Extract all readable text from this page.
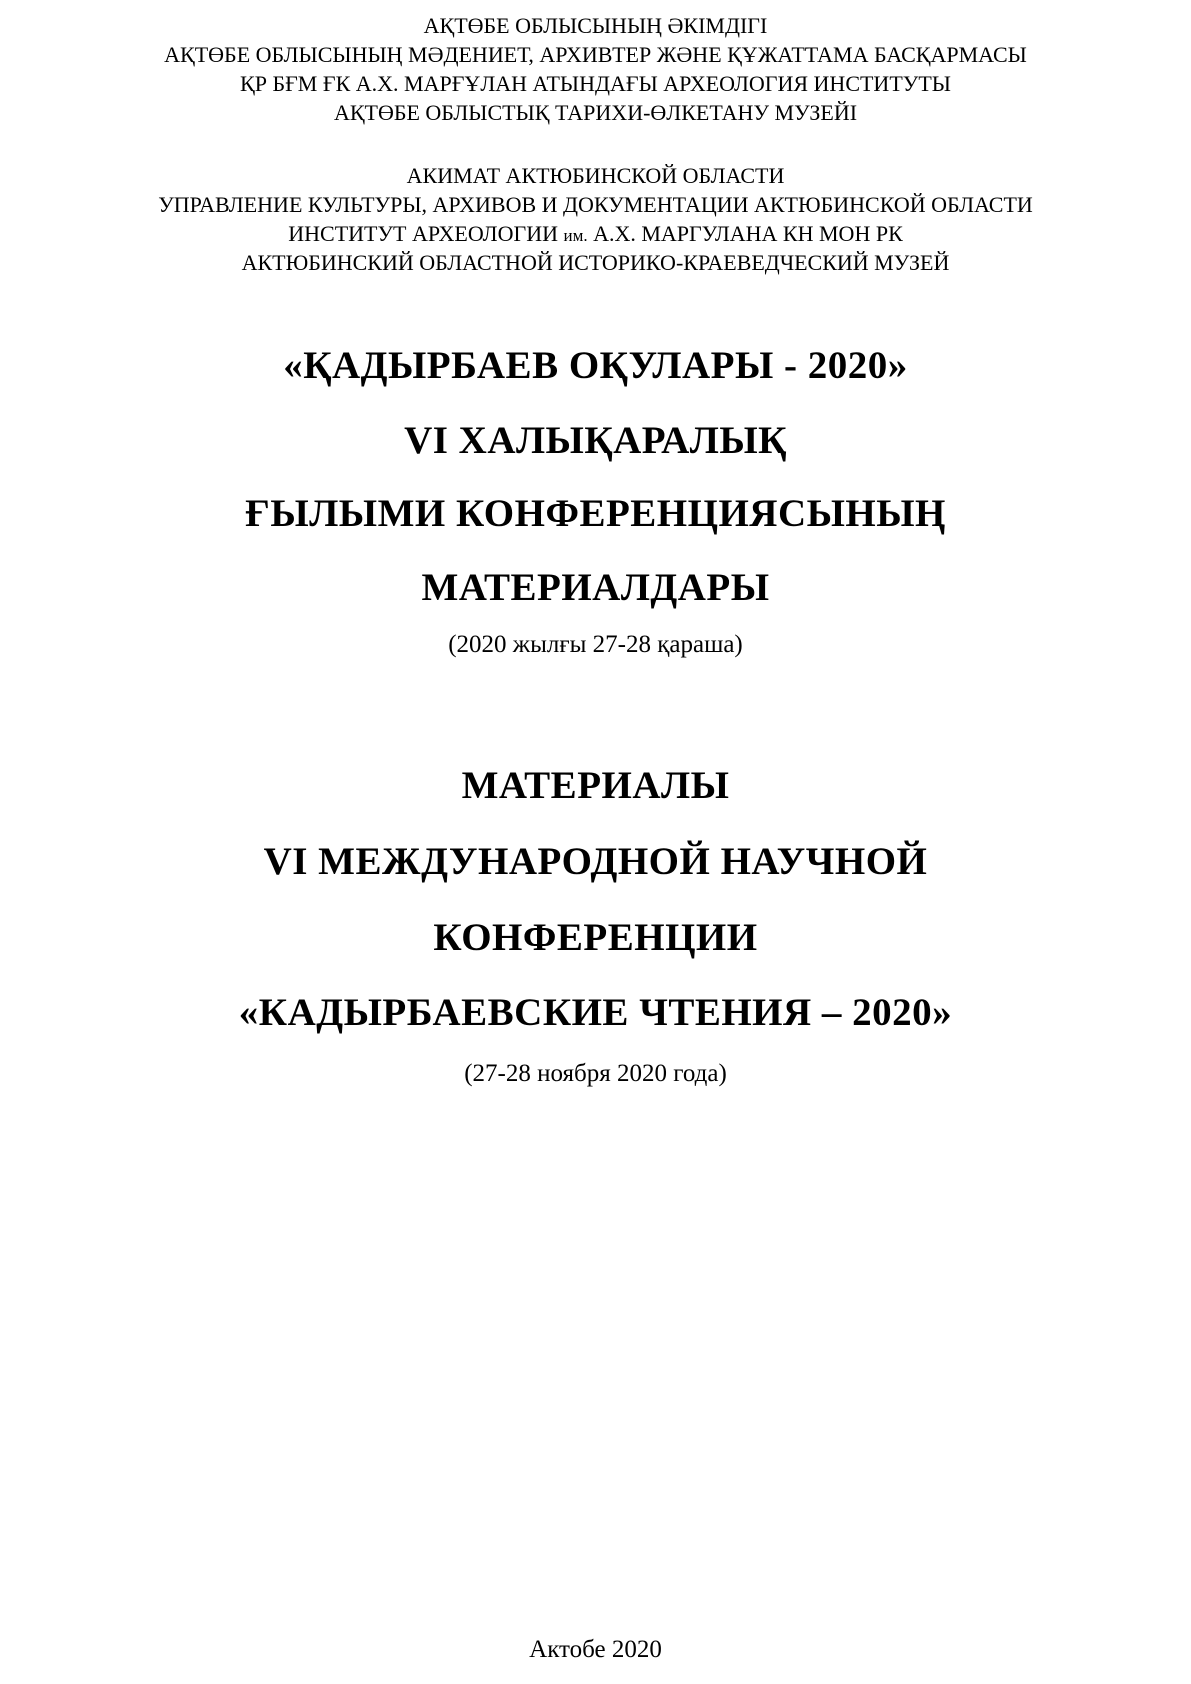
АҚТӨБЕ ОБЛЫСЫНЫҢ ӘКІМДІГІ
АҚТӨБЕ ОБЛЫСЫНЫҢ МӘДЕНИЕТ, АРХИВТЕР ЖӘНЕ ҚҰЖАТТАМА БАСҚАРМАСЫ
ҚР БҒМ ҒК А.Х. МАРҒҰЛАН АТЫНДАҒЫ АРХЕОЛОГИЯ ИНСТИТУТЫ
АҚТӨБЕ ОБЛЫСТЫҚ ТАРИХИ-ӨЛКЕТАНУ МУЗЕЙІ
АКИМАТ АКТЮБИНСКОЙ ОБЛАСТИ
УПРАВЛЕНИЕ КУЛЬТУРЫ, АРХИВОВ И ДОКУМЕНТАЦИИ АКТЮБИНСКОЙ ОБЛАСТИ
ИНСТИТУТ АРХЕОЛОГИИ им. А.Х. МАРГУЛАНА КН МОН РК
АКТЮБИНСКИЙ ОБЛАСТНОЙ ИСТОРИКО-КРАЕВЕДЧЕСКИЙ МУЗЕЙ
«ҚАДЫРБАЕВ ОҚУЛАРЫ - 2020»
VI ХАЛЫҚАРАЛЫҚ
ҒЫЛЫМИ КОНФЕРЕНЦИЯСЫНЫҢ
МАТЕРИАЛДАРЫ
(2020 жылғы 27-28 қараша)
МАТЕРИАЛЫ
VI МЕЖДУНАРОДНОЙ НАУЧНОЙ
КОНФЕРЕНЦИИ
«КАДЫРБАЕВСКИЕ ЧТЕНИЯ – 2020»
(27-28 ноября 2020 года)
Актобе 2020
